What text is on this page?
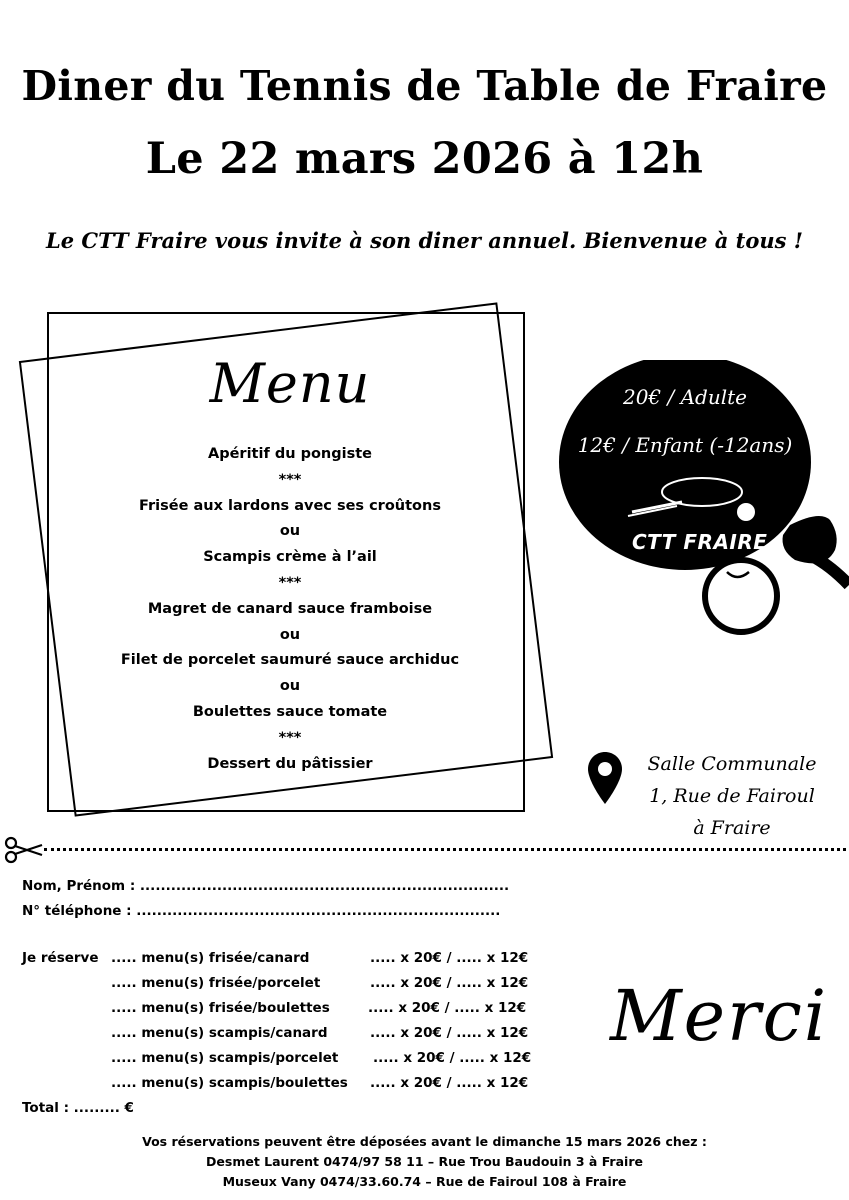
Diner du Tennis de Table de Fraire
Le 22 mars 2026 à 12h
Le CTT Fraire vous invite à son diner annuel. Bienvenue à tous !
Menu
Apéritif du pongiste
***
Frisée aux lardons avec ses croûtons
ou
Scampis crème à l’ail
***
Magret de canard sauce framboise
ou
Filet de porcelet saumuré sauce archiduc
ou
Boulettes sauce tomate
***
Dessert du pâtissier
20€ / Adulte
12€ / Enfant (-12ans)
CTT FRAIRE
Salle Communale
1, Rue de Fairoul
à Fraire
Nom, Prénom : ........................................................................
N° téléphone : .......................................................................
Je réserve ..... menu(s) frisée/canard	..... x 20€ / ..... x 12€
..... menu(s) frisée/porcelet	..... x 20€ / ..... x 12€
..... menu(s) frisée/boulettes	..... x 20€ / ..... x 12€
..... menu(s) scampis/canard	..... x 20€ / ..... x 12€
..... menu(s) scampis/porcelet	..... x 20€ / ..... x 12€
..... menu(s) scampis/boulettes ..... x 20€ / ..... x 12€
Total : ......... €
Merci
Vos réservations peuvent être déposées avant le dimanche 15 mars 2026 chez :
Desmet Laurent 0474/97 58 11 – Rue Trou Baudouin 3 à Fraire
Museux Vany 0474/33.60.74 – Rue de Fairoul 108 à Fraire
